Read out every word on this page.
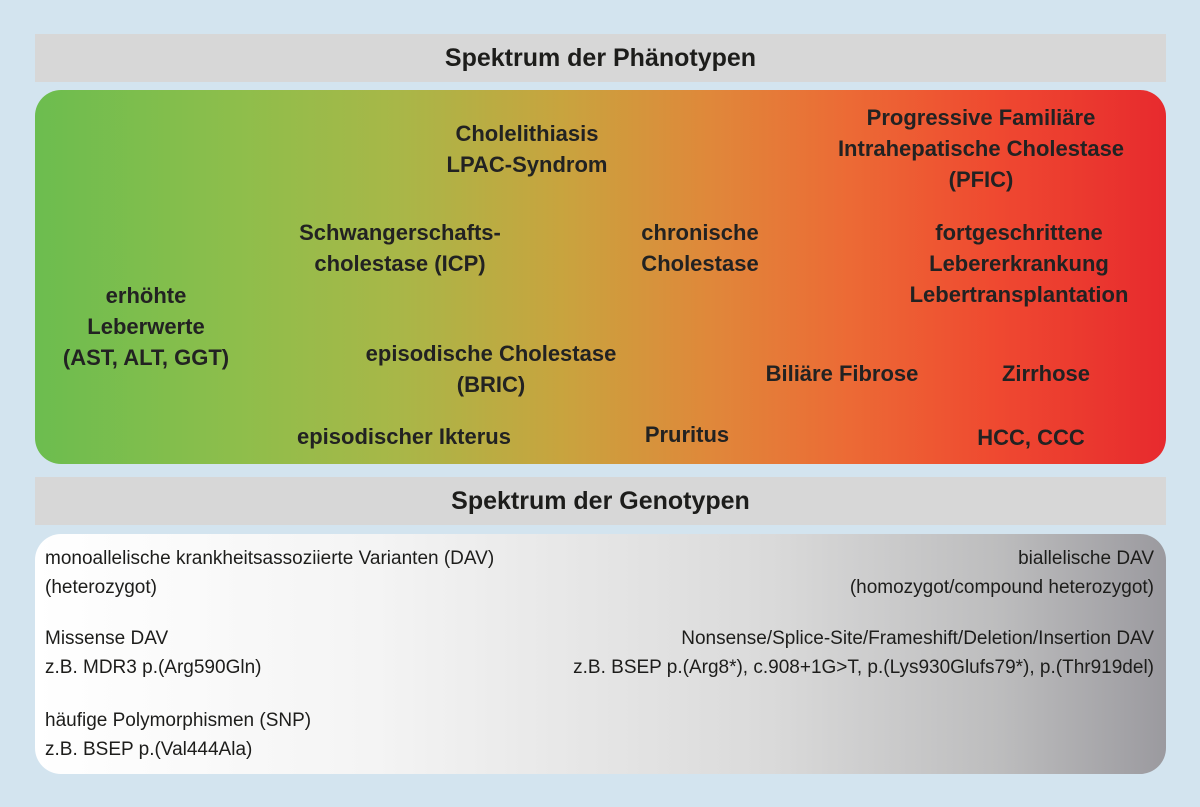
Spektrum der Phänotypen
erhöhte
Leberwerte
(AST, ALT, GGT)
Cholelithiasis
LPAC-Syndrom
Schwangerschafts-
cholestase (ICP)
episodische Cholestase
(BRIC)
episodischer Ikterus
chronische
Cholestase
Pruritus
Progressive Familiäre
Intrahepatische Cholestase
(PFIC)
fortgeschrittene
Lebererkrankung
Lebertransplantation
Biliäre Fibrose	Zirrhose
HCC, CCC
Spektrum der Genotypen
monoallelische krankheitsassoziierte Varianten (DAV)
(heterozygot)
Missense DAV
z.B. MDR3 p.(Arg590Gln)
häufige Polymorphismen (SNP)
z.B. BSEP p.(Val444Ala)
biallelische DAV
(homozygot/compound heterozygot)
Nonsense/Splice-Site/Frameshift/Deletion/Insertion DAV
z.B. BSEP p.(Arg8*), c.908+1G>T, p.(Lys930Glufs79*), p.(Thr919del)
